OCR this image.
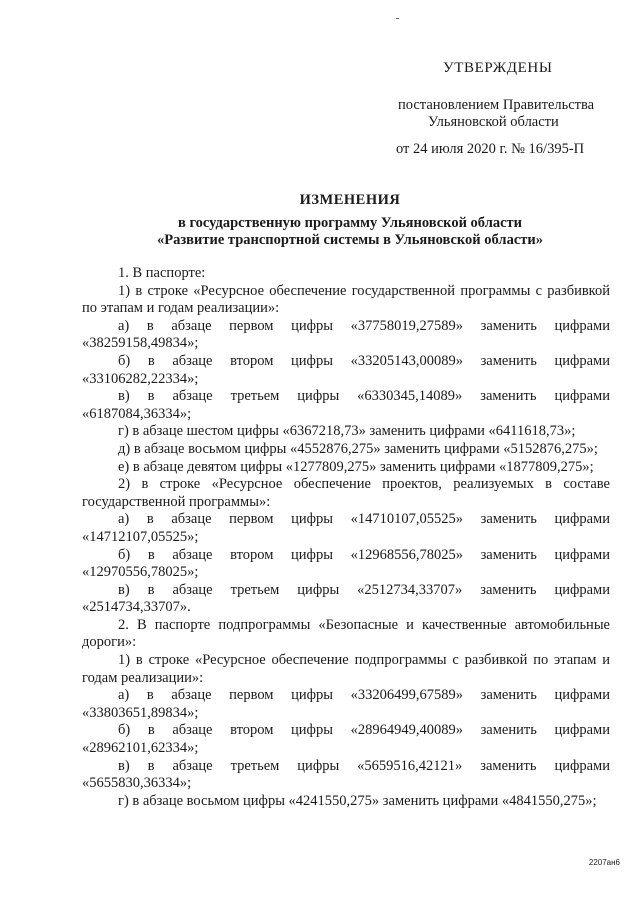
УТВЕРЖДЕНЫ
постановлением Правительства
Ульяновской области
от 24 июля 2020 г. № 16/395-П
ИЗМЕНЕНИЯ
в государственную программу Ульяновской области
«Развитие транспортной системы в Ульяновской области»

1. В паспорте:

1) в строке «Ресурсное обеспечение государственной программы с разбивкой по этапам и годам реализации»:

а) в абзаце первом цифры «37758019,27589» заменить цифрами «38259158,49834»;

б) в абзаце втором цифры «33205143,00089» заменить цифрами «33106282,22334»;

в) в абзаце третьем цифры «6330345,14089» заменить цифрами «6187084,36334»;

г) в абзаце шестом цифры «6367218,73» заменить цифрами «6411618,73»;

д) в абзаце восьмом цифры «4552876,275» заменить цифрами «5152876,275»;

е) в абзаце девятом цифры «1277809,275» заменить цифрами «1877809,275»;

2) в строке «Ресурсное обеспечение проектов, реализуемых в составе государственной программы»:

а) в абзаце первом цифры «14710107,05525» заменить цифрами «14712107,05525»;

б) в абзаце втором цифры «12968556,78025» заменить цифрами «12970556,78025»;

в) в абзаце третьем цифры «2512734,33707» заменить цифрами «2514734,33707».

2. В паспорте подпрограммы «Безопасные и качественные автомобильные дороги»:

1) в строке «Ресурсное обеспечение подпрограммы с разбивкой по этапам и годам реализации»:

а) в абзаце первом цифры «33206499,67589» заменить цифрами «33803651,89834»;

б) в абзаце втором цифры «28964949,40089» заменить цифрами «28962101,62334»;

в) в абзаце третьем цифры «5659516,42121» заменить цифрами «5655830,36334»;

г) в абзаце восьмом цифры «4241550,275» заменить цифрами «4841550,275»;

2207ан6
